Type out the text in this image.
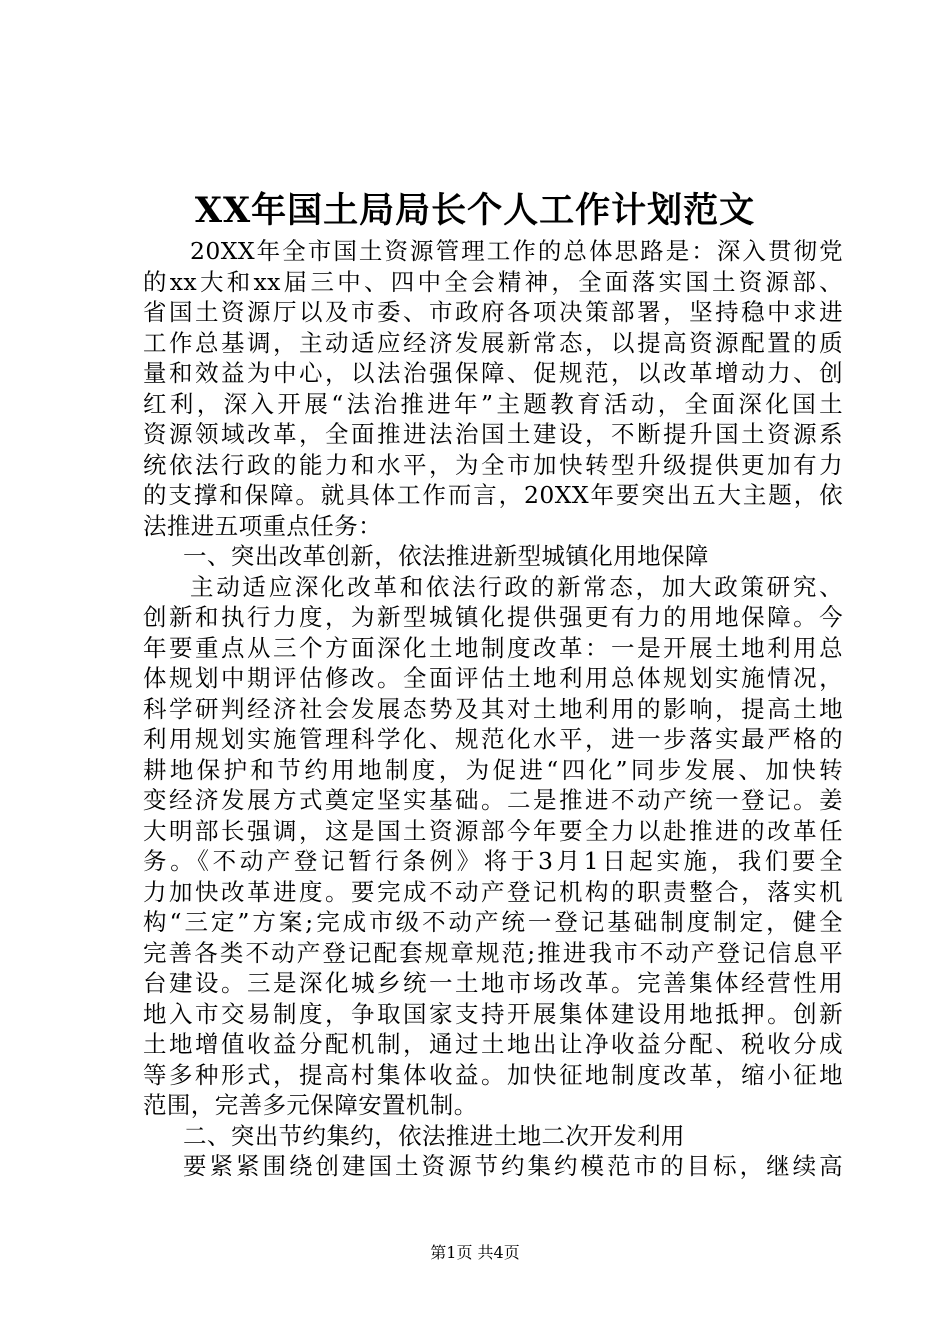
XX年国土局局长个人工作计划范文
20XX年全市国土资源管理工作的总体思路是：深入贯彻党
的xx大和xx届三中、四中全会精神，全面落实国土资源部、
省国土资源厅以及市委、市政府各项决策部署，坚持稳中求进
工作总基调，主动适应经济发展新常态，以提高资源配置的质
量和效益为中心，以法治强保障、促规范，以改革增动力、创
红利，深入开展“法治推进年”主题教育活动，全面深化国土
资源领域改革，全面推进法治国土建设，不断提升国土资源系
统依法行政的能力和水平，为全市加快转型升级提供更加有力
的支撑和保障。就具体工作而言，20XX年要突出五大主题，依
法推进五项重点任务：
一、突出改革创新，依法推进新型城镇化用地保障
主动适应深化改革和依法行政的新常态，加大政策研究、
创新和执行力度，为新型城镇化提供强更有力的用地保障。今
年要重点从三个方面深化土地制度改革：一是开展土地利用总
体规划中期评估修改。全面评估土地利用总体规划实施情况，
科学研判经济社会发展态势及其对土地利用的影响，提高土地
利用规划实施管理科学化、规范化水平，进一步落实最严格的
耕地保护和节约用地制度，为促进“四化”同步发展、加快转
变经济发展方式奠定坚实基础。二是推进不动产统一登记。姜
大明部长强调，这是国土资源部今年要全力以赴推进的改革任
务。《不动产登记暂行条例》将于3月1日起实施，我们要全
力加快改革进度。要完成不动产登记机构的职责整合，落实机
构“三定”方案;完成市级不动产统一登记基础制度制定，健全
完善各类不动产登记配套规章规范;推进我市不动产登记信息平
台建设。三是深化城乡统一土地市场改革。完善集体经营性用
地入市交易制度，争取国家支持开展集体建设用地抵押。创新
土地增值收益分配机制，通过土地出让净收益分配、税收分成
等多种形式，提高村集体收益。加快征地制度改革，缩小征地
范围，完善多元保障安置机制。
二、突出节约集约，依法推进土地二次开发利用
要紧紧围绕创建国土资源节约集约模范市的目标，继续高
第1页 共4页
